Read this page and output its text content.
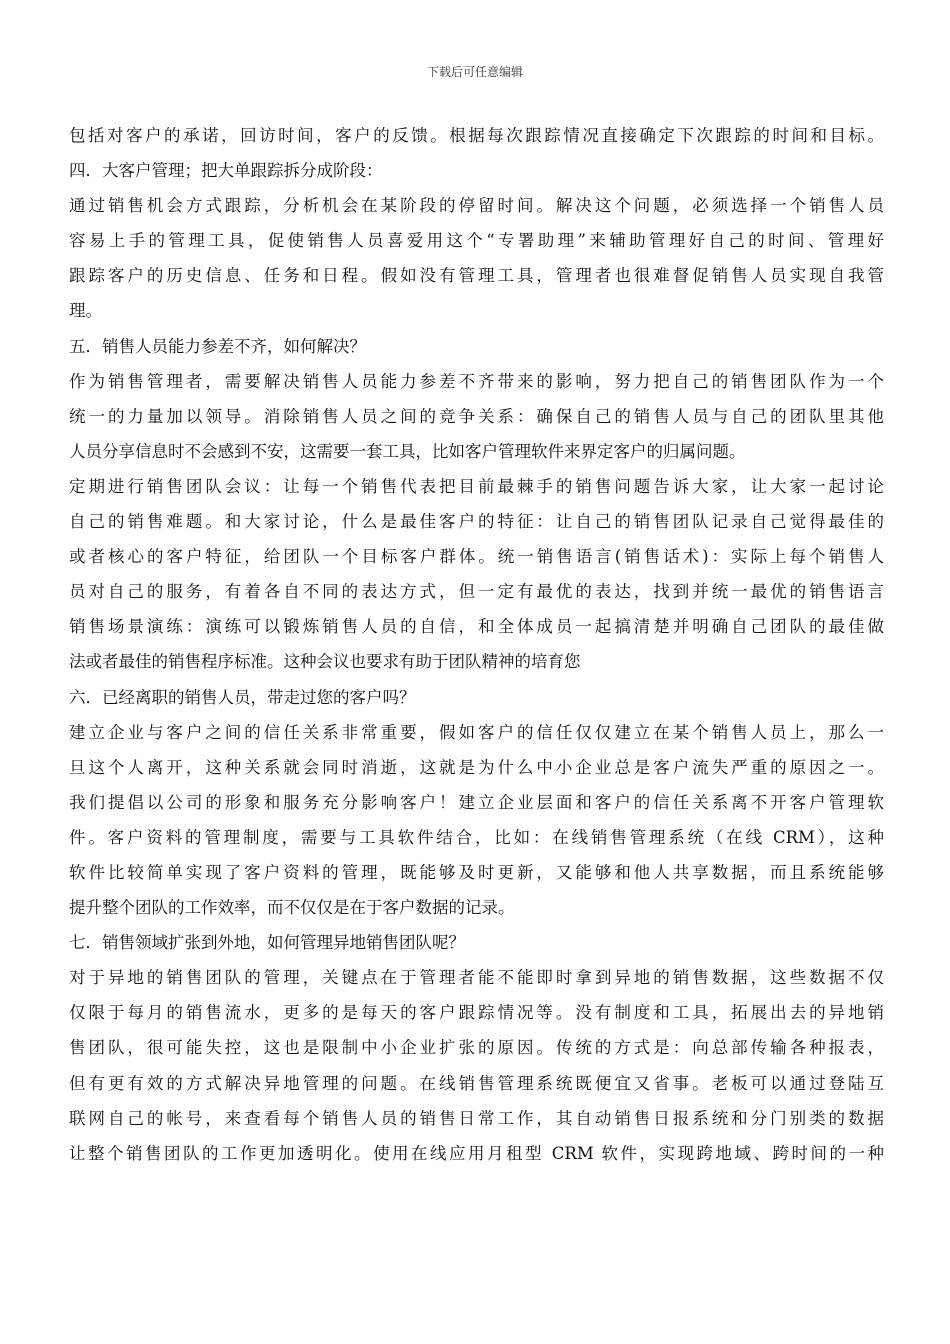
下载后可任意编辑
包括对客户的承诺，回访时间，客户的反馈。根据每次跟踪情况直接确定下次跟踪的时间和目标。
四．大客户管理；把大单跟踪拆分成阶段：
通过销售机会方式跟踪，分析机会在某阶段的停留时间。解决这个问题，必须选择一个销售人员
容易上手的管理工具，促使销售人员喜爱用这个“专署助理”来辅助管理好自己的时间、管理好
跟踪客户的历史信息、任务和日程。假如没有管理工具，管理者也很难督促销售人员实现自我管
理。
五．销售人员能力参差不齐，如何解决？
作为销售管理者，需要解决销售人员能力参差不齐带来的影响，努力把自己的销售团队作为一个
统一的力量加以领导。消除销售人员之间的竞争关系：确保自己的销售人员与自己的团队里其他
人员分享信息时不会感到不安，这需要一套工具，比如客户管理软件来界定客户的归属问题。
定期进行销售团队会议：让每一个销售代表把目前最棘手的销售问题告诉大家，让大家一起讨论
自己的销售难题。和大家讨论，什么是最佳客户的特征：让自己的销售团队记录自己觉得最佳的
或者核心的客户特征，给团队一个目标客户群体。统一销售语言(销售话术)：实际上每个销售人
员对自己的服务，有着各自不同的表达方式，但一定有最优的表达，找到并统一最优的销售语言
销售场景演练：演练可以锻炼销售人员的自信，和全体成员一起搞清楚并明确自己团队的最佳做
法或者最佳的销售程序标准。这种会议也要求有助于团队精神的培育您
六．已经离职的销售人员，带走过您的客户吗？
建立企业与客户之间的信任关系非常重要，假如客户的信任仅仅建立在某个销售人员上，那么一
旦这个人离开，这种关系就会同时消逝，这就是为什么中小企业总是客户流失严重的原因之一。
我们提倡以公司的形象和服务充分影响客户！建立企业层面和客户的信任关系离不开客户管理软
件。客户资料的管理制度，需要与工具软件结合，比如：在线销售管理系统（在线 CRM），这种
软件比较简单实现了客户资料的管理，既能够及时更新，又能够和他人共享数据，而且系统能够
提升整个团队的工作效率，而不仅仅是在于客户数据的记录。
七．销售领域扩张到外地，如何管理异地销售团队呢？
对于异地的销售团队的管理，关键点在于管理者能不能即时拿到异地的销售数据，这些数据不仅
仅限于每月的销售流水，更多的是每天的客户跟踪情况等。没有制度和工具，拓展出去的异地销
售团队，很可能失控，这也是限制中小企业扩张的原因。传统的方式是：向总部传输各种报表，
但有更有效的方式解决异地管理的问题。在线销售管理系统既便宜又省事。老板可以通过登陆互
联网自己的帐号，来查看每个销售人员的销售日常工作，其自动销售日报系统和分门别类的数据
让整个销售团队的工作更加透明化。使用在线应用月租型 CRM 软件，实现跨地域、跨时间的一种
